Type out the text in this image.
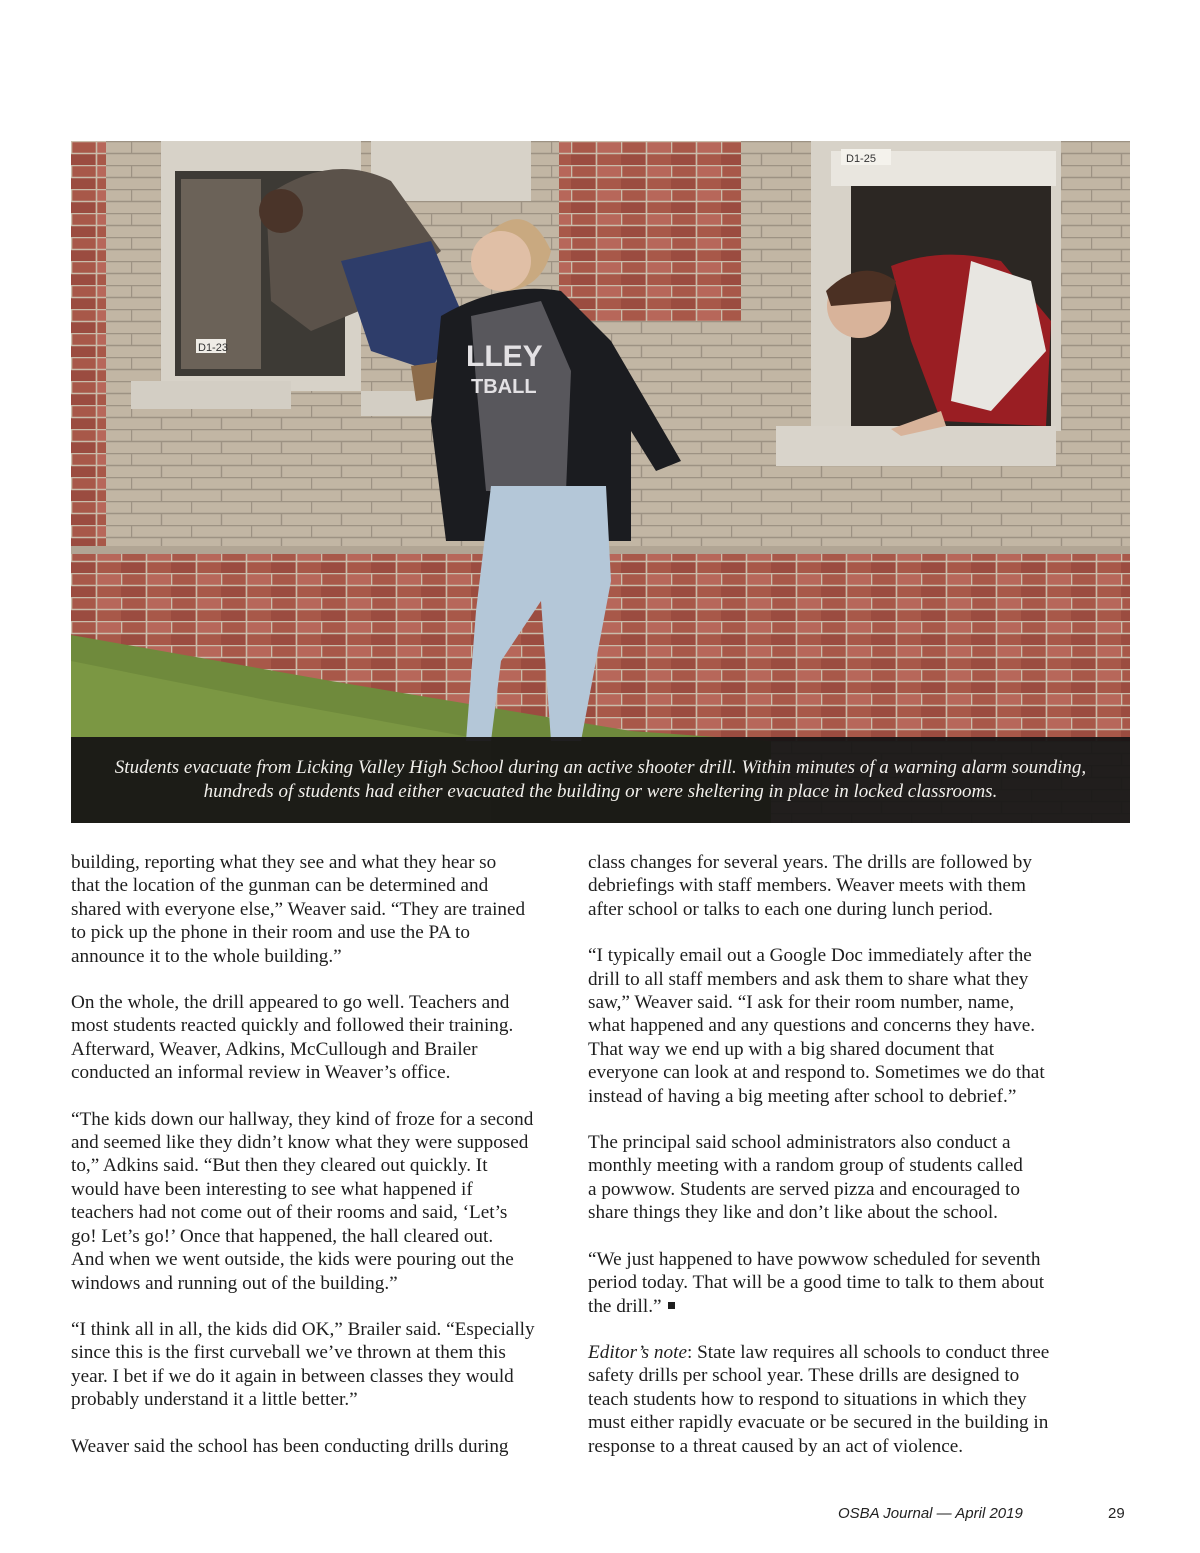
LLEY
TBALL
D1-23
D1-25
Students evacuate from Licking Valley High School during an active shooter drill. Within minutes of a warning alarm sounding,
hundreds of students had either evacuated the building or were sheltering in place in locked classrooms.
building, reporting what they see and what they hear so
that the location of the gunman can be determined and
shared with everyone else,” Weaver said. “They are trained
to pick up the phone in their room and use the PA to
announce it to the whole building.”
On the whole, the drill appeared to go well. Teachers and
most students reacted quickly and followed their training.
Afterward, Weaver, Adkins, McCullough and Brailer
conducted an informal review in Weaver’s office.
“The kids down our hallway, they kind of froze for a second
and seemed like they didn’t know what they were supposed
to,” Adkins said. “But then they cleared out quickly. It
would have been interesting to see what happened if
teachers had not come out of their rooms and said, ‘Let’s
go! Let’s go!’ Once that happened, the hall cleared out.
And when we went outside, the kids were pouring out the
windows and running out of the building.”
“I think all in all, the kids did OK,” Brailer said. “Especially
since this is the first curveball we’ve thrown at them this
year. I bet if we do it again in between classes they would
probably understand it a little better.”
Weaver said the school has been conducting drills during
class changes for several years. The drills are followed by
debriefings with staff members. Weaver meets with them
after school or talks to each one during lunch period.
“I typically email out a Google Doc immediately after the
drill to all staff members and ask them to share what they
saw,” Weaver said. “I ask for their room number, name,
what happened and any questions and concerns they have.
That way we end up with a big shared document that
everyone can look at and respond to. Sometimes we do that
instead of having a big meeting after school to debrief.”
The principal said school administrators also conduct a
monthly meeting with a random group of students called
a powwow. Students are served pizza and encouraged to
share things they like and don’t like about the school.
“We just happened to have powwow scheduled for seventh
period today. That will be a good time to talk to them about
the drill.”
Editor’s note: State law requires all schools to conduct three
safety drills per school year. These drills are designed to
teach students how to respond to situations in which they
must either rapidly evacuate or be secured in the building in
response to a threat caused by an act of violence.
OSBA Journal — April 2019	29
